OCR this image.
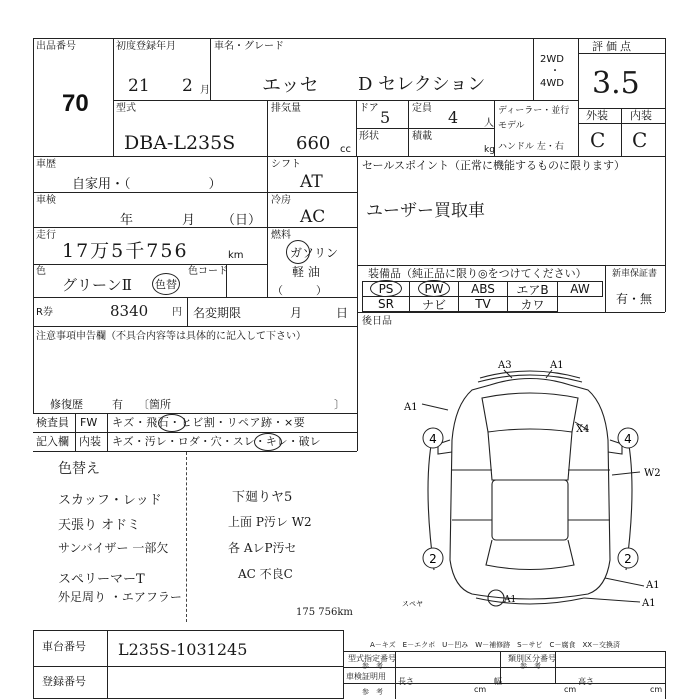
出品番号
70
初度登録年月
21 2 月
車名・グレード
エッセ D セレクション
2WD
・
4WD
評価点
3.5
型式
DBA-L235S
排気量
660 cc
ドア 5 定員 4	人
形状	積載
kg
ディーラー・並行
モデル
ハンドル 左・右
外装 内装
C C
車歴
自家用・（　　　　　　）
シフト
AT
セールスポイント（正常に機能するものに限ります）
ユーザー買取車
車検
年	月 （日）
冷房
AC
走行
17万5千756	km
燃料
ガソリン
軽 油
（　　　）
色
グリーンⅡ 色替
色コード	装備品（純正品に限り◎をつけてください）
PS	PW	ABS	エアB	AW
SR	ナビ	TV	カワ
新車保証書
有・無
R券	8340 円 名変期限	月	日
後日品
注意事項申告欄（不具合内容等は具体的に記入して下さい）
修復歴	有 〔箇所	〕
検査員 FW キズ・飛石・ヒビ割・リペア跡・×要
記入欄 内装 キズ・汚レ・ロダ・穴・スレ・キレ・破レ
色替え
スカッフ・レッド
天張り オドミ
サンバイザー 一部欠
スペリーマーT
外足周り ・エアフラー
下廻りヤ5
上面 P汚レ W2
各 AレP汚セ
AC 不良C
175 756km
4	4
2	2
A3	A1
A1
X4
W2
A1
A1
A1
スペヤ
A－キズ　E－エクボ　U－凹み　W－補修跡　S－サビ　C－腐食　XX－交換済
車台番号 L235S-1031245
登録番号
型式指定番号
参　考
類別区分番号
参　考
車検証明用
参　考
長さ
cm
幅
cm
高さ
cm
